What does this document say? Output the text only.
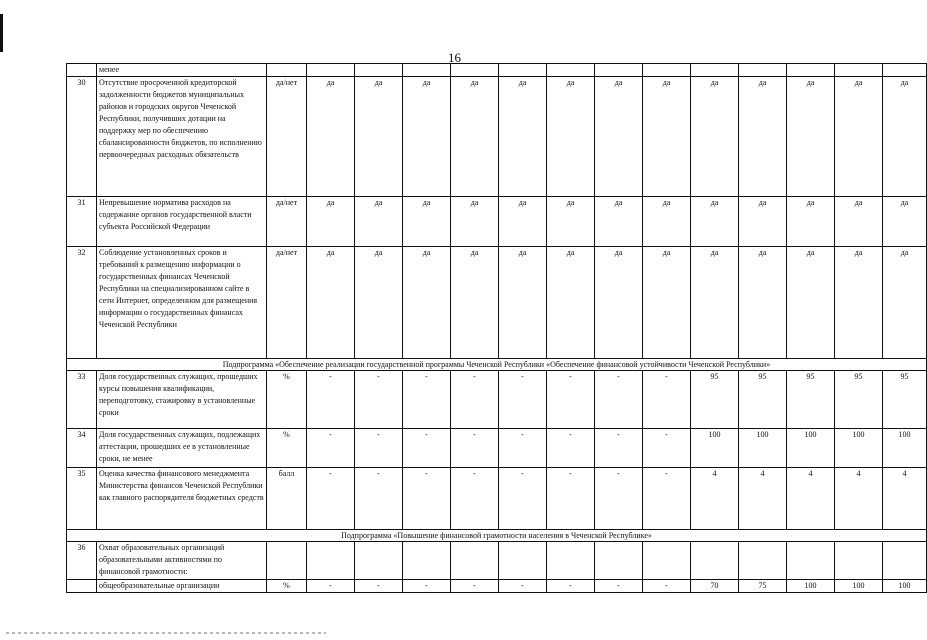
16
	менее														
30	Отсутствие просроченной кредиторской задолженности бюджетов муниципальных районов и городских округов Чеченской Республики, получивших дотации на поддержку мер по обеспечению сбалансированности бюджетов, по исполнению первоочередных расходных обязательств	да/нет	да	да	да	да	да	да	да	да	да	да	да	да	да
31	Непревышение норматива расходов на содержание органов государственной власти субъекта Российской Федерации	да/нет	да	да	да	да	да	да	да	да	да	да	да	да	да
32	Соблюдение установленных сроков и требований к размещению информации о государственных финансах Чеченской Республики на специализированном сайте в сети Интернет, определенном для размещения информации о государственных финансах Чеченской Республики	да/нет	да	да	да	да	да	да	да	да	да	да	да	да	да
Подпрограмма «Обеспечение реализации государственной программы Чеченской Республики «Обеспечение финансовой устойчивости Чеченской Республики»															
33	Доля государственных служащих, прошедших курсы повышения квалификации, переподготовку, стажировку в установленные сроки	%	-	-	-	-	-	-	-	-	95	95	95	95	95
34	Доля государственных служащих, подлежащих аттестации, прошедших ее в установленные сроки, не менее	%	-	-	-	-	-	-	-	-	100	100	100	100	100
35	Оценка качества финансового менеджмента Министерства финансов Чеченской Республики как главного распорядителя бюджетных средств	балл	-	-	-	-	-	-	-	-	4	4	4	4	4
Подпрограмма «Повышение финансовой грамотности населения в Чеченской Республике»															
36	Охват образовательных организаций образовательными активностями по финансовой грамотности:														
	общеобразовательные организации	%	-	-	-	-	-	-	-	-	70	75	100	100	100
